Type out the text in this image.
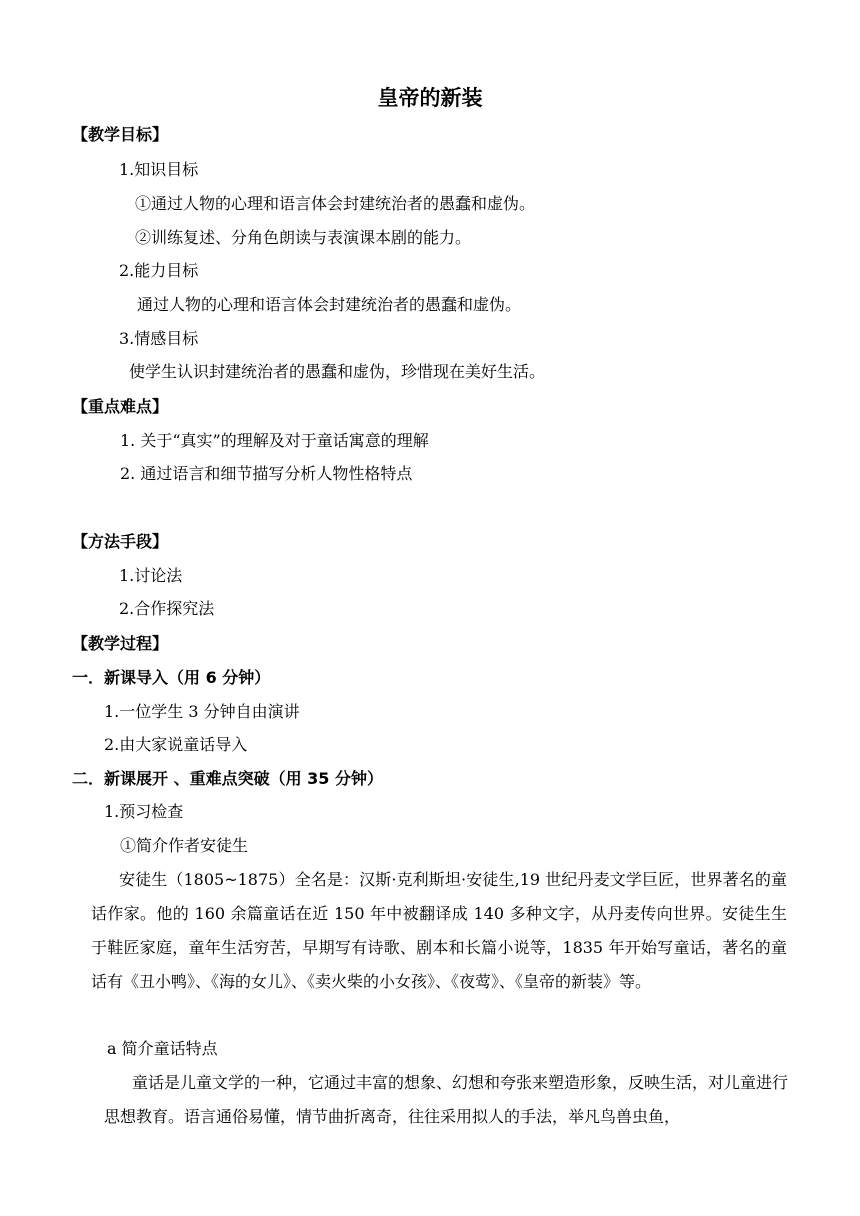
皇帝的新装
【教学目标】
1.知识目标
①通过人物的心理和语言体会封建统治者的愚蠢和虚伪。
②训练复述、分角色朗读与表演课本剧的能力。
2.能力目标
通过人物的心理和语言体会封建统治者的愚蠢和虚伪。
3.情感目标
使学生认识封建统治者的愚蠢和虚伪，珍惜现在美好生活。
【重点难点】
1. 关于“真实”的理解及对于童话寓意的理解
2. 通过语言和细节描写分析人物性格特点
【方法手段】
1.讨论法
2.合作探究法
【教学过程】
一．新课导入（用 6 分钟）
1.一位学生 3 分钟自由演讲
2.由大家说童话导入
二．新课展开 、重难点突破（用 35 分钟）
1.预习检查
①简介作者安徒生
安徒生（1805~1875）全名是：汉斯·克利斯坦·安徒生,19 世纪丹麦文学巨匠，世界著名的童话作家。他的 160 余篇童话在近 150 年中被翻译成 140 多种文字，从丹麦传向世界。安徒生生于鞋匠家庭，童年生活穷苦，早期写有诗歌、剧本和长篇小说等，1835 年开始写童话，著名的童话有《丑小鸭》、《海的女儿》、《卖火柴的小女孩》、《夜莺》、《皇帝的新装》等。
a 简介童话特点
童话是儿童文学的一种，它通过丰富的想象、幻想和夸张来塑造形象，反映生活，对儿童进行思想教育。语言通俗易懂，情节曲折离奇，往往采用拟人的手法，举凡鸟兽虫鱼，
